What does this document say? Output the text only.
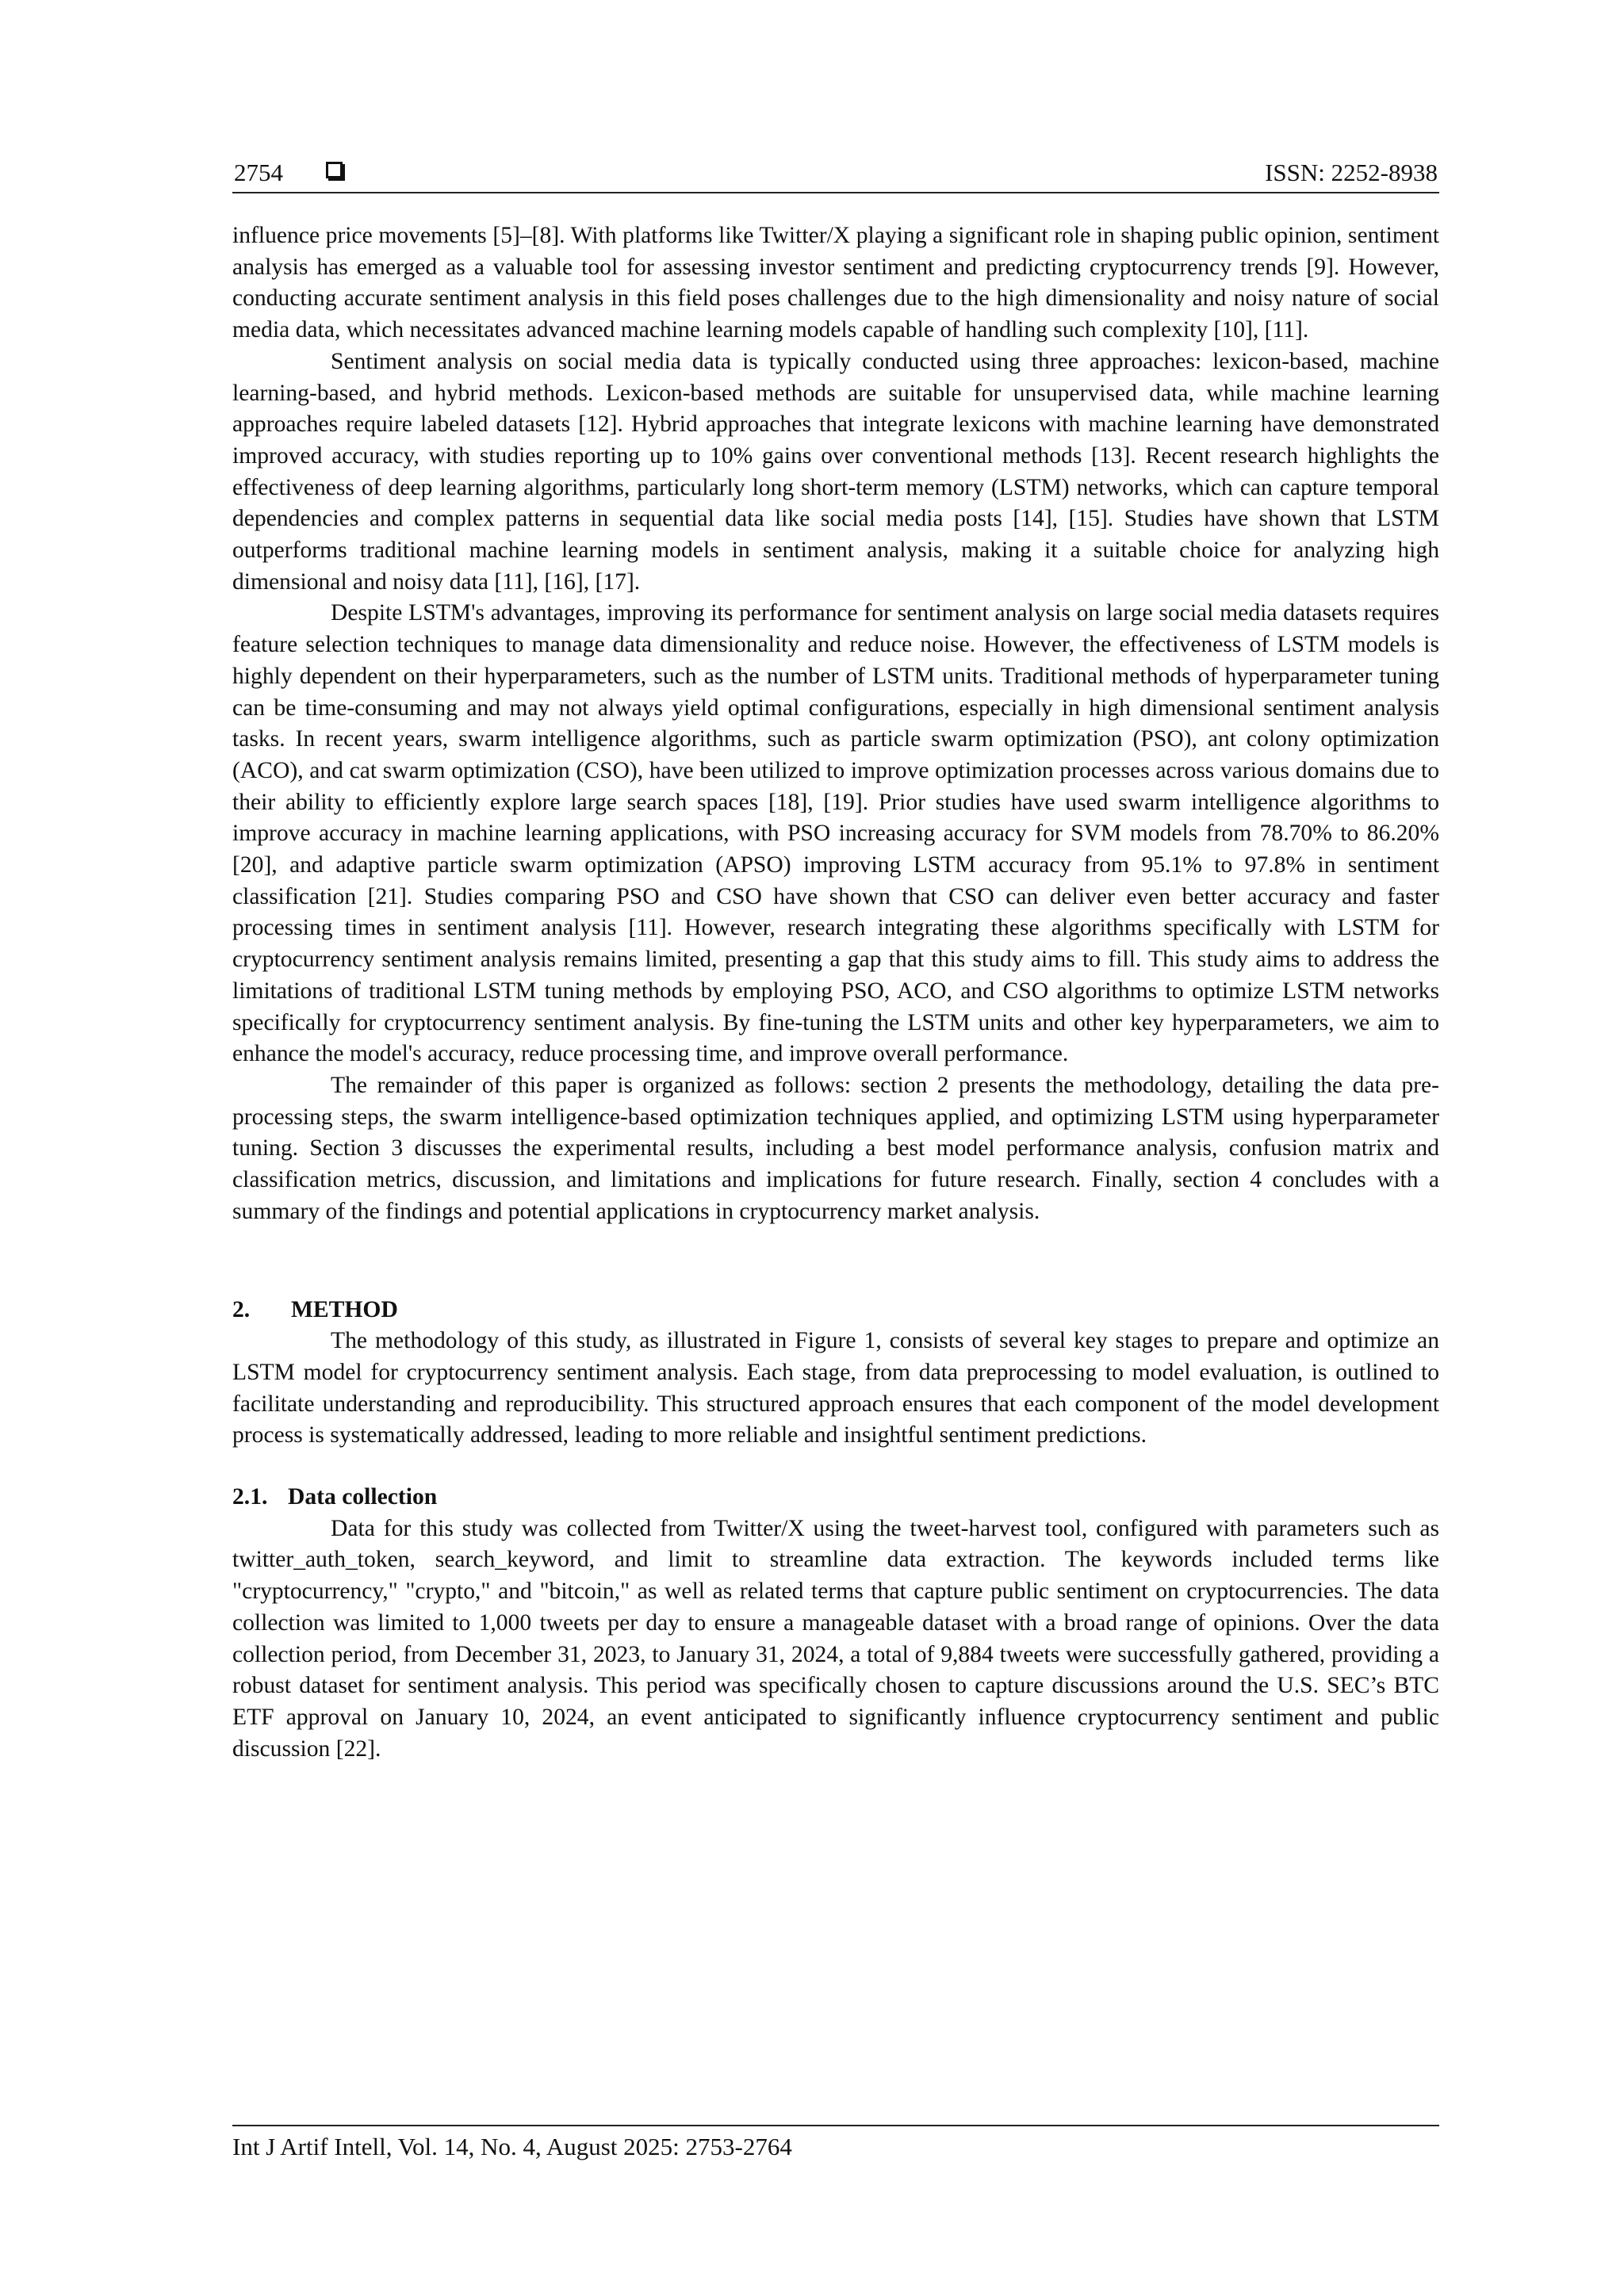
2754	ISSN: 2252-8938

influence price movements [5]–[8]. With platforms like Twitter/X playing a significant role in shaping public opinion, sentiment analysis has emerged as a valuable tool for assessing investor sentiment and predicting cryptocurrency trends [9]. However, conducting accurate sentiment analysis in this field poses challenges due to the high dimensionality and noisy nature of social media data, which necessitates advanced machine learning models capable of handling such complexity [10], [11].

Sentiment analysis on social media data is typically conducted using three approaches: lexicon-based, machine learning-based, and hybrid methods. Lexicon-based methods are suitable for unsupervised data, while machine learning approaches require labeled datasets [12]. Hybrid approaches that integrate lexicons with machine learning have demonstrated improved accuracy, with studies reporting up to 10% gains over conventional methods [13]. Recent research highlights the effectiveness of deep learning algorithms, particularly long short-term memory (LSTM) networks, which can capture temporal dependencies and complex patterns in sequential data like social media posts [14], [15]. Studies have shown that LSTM outperforms traditional machine learning models in sentiment analysis, making it a suitable choice for analyzing high dimensional and noisy data [11], [16], [17].

Despite LSTM's advantages, improving its performance for sentiment analysis on large social media datasets requires feature selection techniques to manage data dimensionality and reduce noise. However, the effectiveness of LSTM models is highly dependent on their hyperparameters, such as the number of LSTM units. Traditional methods of hyperparameter tuning can be time-consuming and may not always yield optimal configurations, especially in high dimensional sentiment analysis tasks. In recent years, swarm intelligence algorithms, such as particle swarm optimization (PSO), ant colony optimization (ACO), and cat swarm optimization (CSO), have been utilized to improve optimization processes across various domains due to their ability to efficiently explore large search spaces [18], [19]. Prior studies have used swarm intelligence algorithms to improve accuracy in machine learning applications, with PSO increasing accuracy for SVM models from 78.70% to 86.20% [20], and adaptive particle swarm optimization (APSO) improving LSTM accuracy from 95.1% to 97.8% in sentiment classification [21]. Studies comparing PSO and CSO have shown that CSO can deliver even better accuracy and faster processing times in sentiment analysis [11]. However, research integrating these algorithms specifically with LSTM for cryptocurrency sentiment analysis remains limited, presenting a gap that this study aims to fill. This study aims to address the limitations of traditional LSTM tuning methods by employing PSO, ACO, and CSO algorithms to optimize LSTM networks specifically for cryptocurrency sentiment analysis. By fine-tuning the LSTM units and other key hyperparameters, we aim to enhance the model's accuracy, reduce processing time, and improve overall performance.

The remainder of this paper is organized as follows: section 2 presents the methodology, detailing the data pre-processing steps, the swarm intelligence-based optimization techniques applied, and optimizing LSTM using hyperparameter tuning. Section 3 discusses the experimental results, including a best model performance analysis, confusion matrix and classification metrics, discussion, and limitations and implications for future research. Finally, section 4 concludes with a summary of the findings and potential applications in cryptocurrency market analysis.

2. METHOD

The methodology of this study, as illustrated in Figure 1, consists of several key stages to prepare and optimize an LSTM model for cryptocurrency sentiment analysis. Each stage, from data preprocessing to model evaluation, is outlined to facilitate understanding and reproducibility. This structured approach ensures that each component of the model development process is systematically addressed, leading to more reliable and insightful sentiment predictions.

2.1. Data collection

Data for this study was collected from Twitter/X using the tweet-harvest tool, configured with parameters such as twitter_auth_token, search_keyword, and limit to streamline data extraction. The keywords included terms like "cryptocurrency," "crypto," and "bitcoin," as well as related terms that capture public sentiment on cryptocurrencies. The data collection was limited to 1,000 tweets per day to ensure a manageable dataset with a broad range of opinions. Over the data collection period, from December 31, 2023, to January 31, 2024, a total of 9,884 tweets were successfully gathered, providing a robust dataset for sentiment analysis. This period was specifically chosen to capture discussions around the U.S. SEC’s BTC ETF approval on January 10, 2024, an event anticipated to significantly influence cryptocurrency sentiment and public discussion [22].

Int J Artif Intell, Vol. 14, No. 4, August 2025: 2753-2764
